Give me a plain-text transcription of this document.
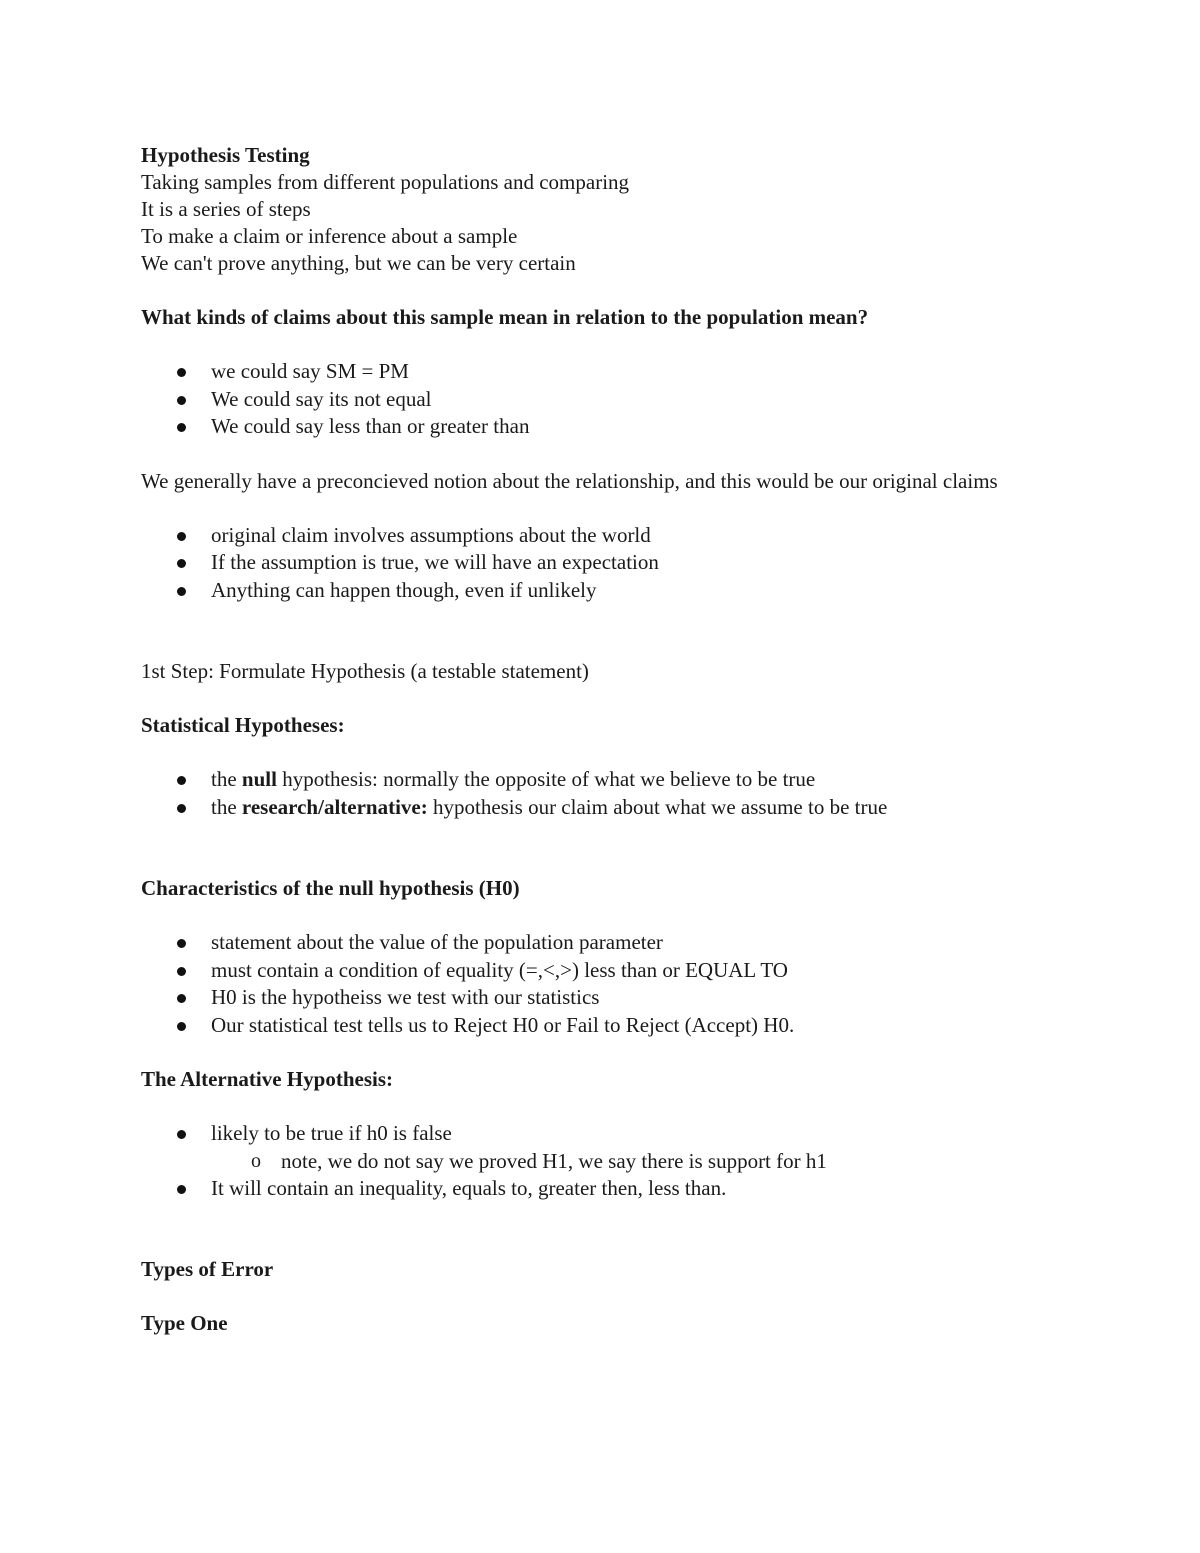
Hypothesis Testing
Taking samples from different populations and comparing
It is a series of steps
To make a claim or inference about a sample
We can't prove anything, but we can be very certain
What kinds of claims about this sample mean in relation to the population mean?
we could say SM = PM
We could say its not equal
We could say less than or greater than
We generally have a preconcieved notion about the relationship, and this would be our original claims
original claim involves assumptions about the world
If the assumption is true, we will have an expectation
Anything can happen though, even if unlikely
1st Step: Formulate Hypothesis (a testable statement)
Statistical Hypotheses:
the null hypothesis: normally the opposite of what we believe to be true
the research/alternative: hypothesis our claim about what we assume to be true
Characteristics of the null hypothesis (H0)
statement about the value of the population parameter
must contain a condition of equality (=,<,>) less than or EQUAL TO
H0 is the hypotheiss we test with our statistics
Our statistical test tells us to Reject H0 or Fail to Reject (Accept) H0.
The Alternative Hypothesis:
likely to be true if h0 is false
o note, we do not say we proved H1, we say there is support for h1
It will contain an inequality, equals to, greater then, less than.
Types of Error
Type One
